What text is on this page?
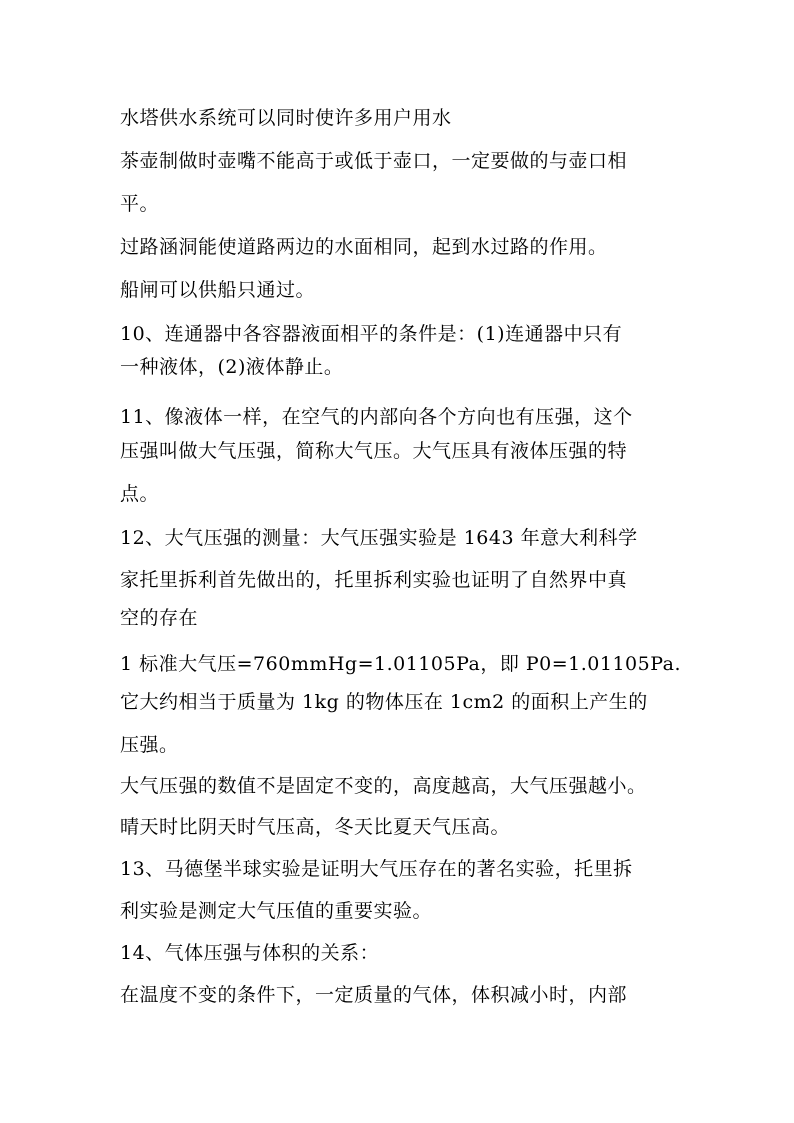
水塔供水系统可以同时使许多用户用水
茶壶制做时壶嘴不能高于或低于壶口，一定要做的与壶口相
平。
过路涵洞能使道路两边的水面相同，起到水过路的作用。
船闸可以供船只通过。
10、连通器中各容器液面相平的条件是：(1)连通器中只有
一种液体，(2)液体静止。
11、像液体一样，在空气的内部向各个方向也有压强，这个
压强叫做大气压强，简称大气压。大气压具有液体压强的特
点。
12、大气压强的测量：大气压强实验是 1643 年意大利科学
家托里拆利首先做出的，托里拆利实验也证明了自然界中真
空的存在
1 标准大气压=760mmHg=1.01105Pa，即 P0=1.01105Pa.
它大约相当于质量为 1kg 的物体压在 1cm2 的面积上产生的
压强。
大气压强的数值不是固定不变的，高度越高，大气压强越小。
晴天时比阴天时气压高，冬天比夏天气压高。
13、马德堡半球实验是证明大气压存在的著名实验，托里拆
利实验是测定大气压值的重要实验。
14、气体压强与体积的关系：
在温度不变的条件下，一定质量的气体，体积减小时，内部
